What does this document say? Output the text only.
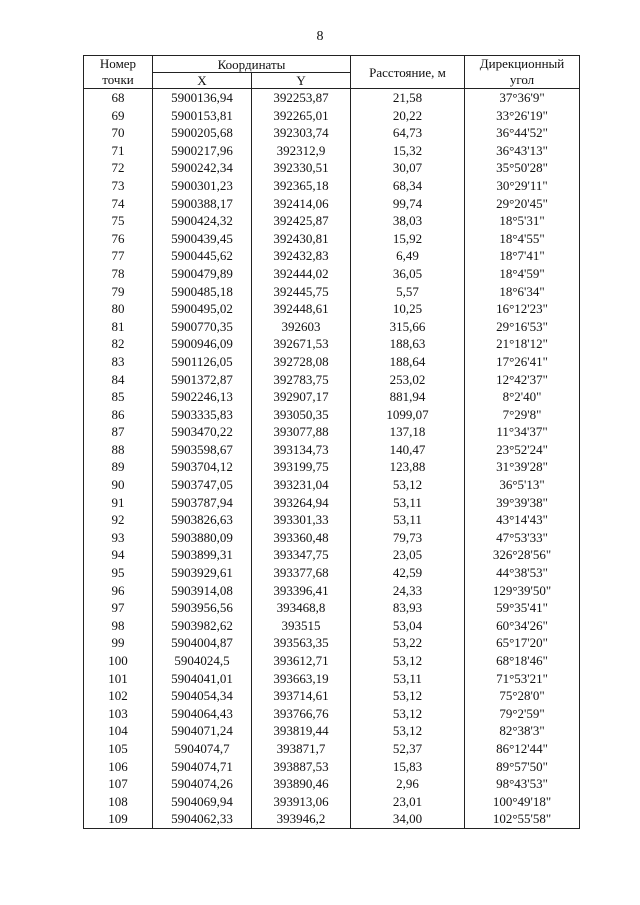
8
Номер
точки	Координаты		Расстояние, м	Дирекционный
угол
	X	Y		
68	5900136,94	392253,87	21,58	37°36'9"
69	5900153,81	392265,01	20,22	33°26'19"
70	5900205,68	392303,74	64,73	36°44'52"
71	5900217,96	392312,9	15,32	36°43'13"
72	5900242,34	392330,51	30,07	35°50'28"
73	5900301,23	392365,18	68,34	30°29'11"
74	5900388,17	392414,06	99,74	29°20'45"
75	5900424,32	392425,87	38,03	18°5'31"
76	5900439,45	392430,81	15,92	18°4'55"
77	5900445,62	392432,83	6,49	18°7'41"
78	5900479,89	392444,02	36,05	18°4'59"
79	5900485,18	392445,75	5,57	18°6'34"
80	5900495,02	392448,61	10,25	16°12'23"
81	5900770,35	392603	315,66	29°16'53"
82	5900946,09	392671,53	188,63	21°18'12"
83	5901126,05	392728,08	188,64	17°26'41"
84	5901372,87	392783,75	253,02	12°42'37"
85	5902246,13	392907,17	881,94	8°2'40"
86	5903335,83	393050,35	1099,07	7°29'8"
87	5903470,22	393077,88	137,18	11°34'37"
88	5903598,67	393134,73	140,47	23°52'24"
89	5903704,12	393199,75	123,88	31°39'28"
90	5903747,05	393231,04	53,12	36°5'13"
91	5903787,94	393264,94	53,11	39°39'38"
92	5903826,63	393301,33	53,11	43°14'43"
93	5903880,09	393360,48	79,73	47°53'33"
94	5903899,31	393347,75	23,05	326°28'56"
95	5903929,61	393377,68	42,59	44°38'53"
96	5903914,08	393396,41	24,33	129°39'50"
97	5903956,56	393468,8	83,93	59°35'41"
98	5903982,62	393515	53,04	60°34'26"
99	5904004,87	393563,35	53,22	65°17'20"
100	5904024,5	393612,71	53,12	68°18'46"
101	5904041,01	393663,19	53,11	71°53'21"
102	5904054,34	393714,61	53,12	75°28'0"
103	5904064,43	393766,76	53,12	79°2'59"
104	5904071,24	393819,44	53,12	82°38'3"
105	5904074,7	393871,7	52,37	86°12'44"
106	5904074,71	393887,53	15,83	89°57'50"
107	5904074,26	393890,46	2,96	98°43'53"
108	5904069,94	393913,06	23,01	100°49'18"
109	5904062,33	393946,2	34,00	102°55'58"
